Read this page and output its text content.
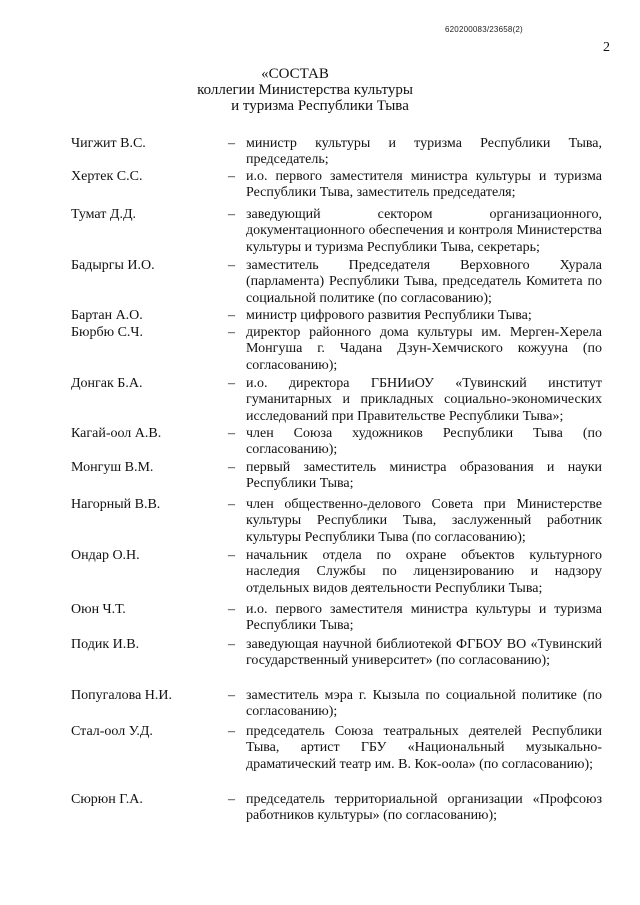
620200083/23658(2)
2
«СОСТАВ
коллегии Министерства культуры
и туризма Республики Тыва
Чигжит В.С.	– министр культуры и туризма Республики Тыва, председатель;
Хертек С.С.	– и.о. первого заместителя министра культуры и туризма Республики Тыва, заместитель председателя;
Тумат Д.Д.	– заведующий сектором организационного, документационного обеспечения и контроля Министерства культуры и туризма Республики Тыва, секретарь;
Бадыргы И.О.	– заместитель Председателя Верховного Хурала (парламента) Республики Тыва, председатель Комитета по социальной политике (по согласованию);
Бартан А.О.	– министр цифрового развития Республики Тыва;
Бюрбю С.Ч.	– директор районного дома культуры им. Мерген-Херела Монгуша г. Чадана Дзун-Хемчиского кожууна (по согласованию);
Донгак Б.А.	– и.о. директора ГБНИиОУ «Тувинский институт гуманитарных и прикладных социально-экономических исследований при Правительстве Республики Тыва»;
Кагай-оол А.В.	– член Союза художников Республики Тыва (по согласованию);
Монгуш В.М.	– первый заместитель министра образования и науки Республики Тыва;
Нагорный В.В.	– член общественно-делового Совета при Министерстве культуры Республики Тыва, заслуженный работник культуры Республики Тыва (по согласованию);
Ондар О.Н.	– начальник отдела по охране объектов культурного наследия Службы по лицензированию и надзору отдельных видов деятельности Республики Тыва;
Оюн Ч.Т.	– и.о. первого заместителя министра культуры и туризма Республики Тыва;
Подик И.В.	– заведующая научной библиотекой ФГБОУ ВО «Тувинский государственный университет» (по согласованию);
Попугалова Н.И.	– заместитель мэра г. Кызыла по социальной политике (по согласованию);
Стал-оол У.Д.	– председатель Союза театральных деятелей Республики Тыва, артист ГБУ «Национальный музыкально-драматический театр им. В. Кок-оола» (по согласованию);
Сюрюн Г.А.	– председатель территориальной организации «Профсоюз работников культуры» (по согласованию);
